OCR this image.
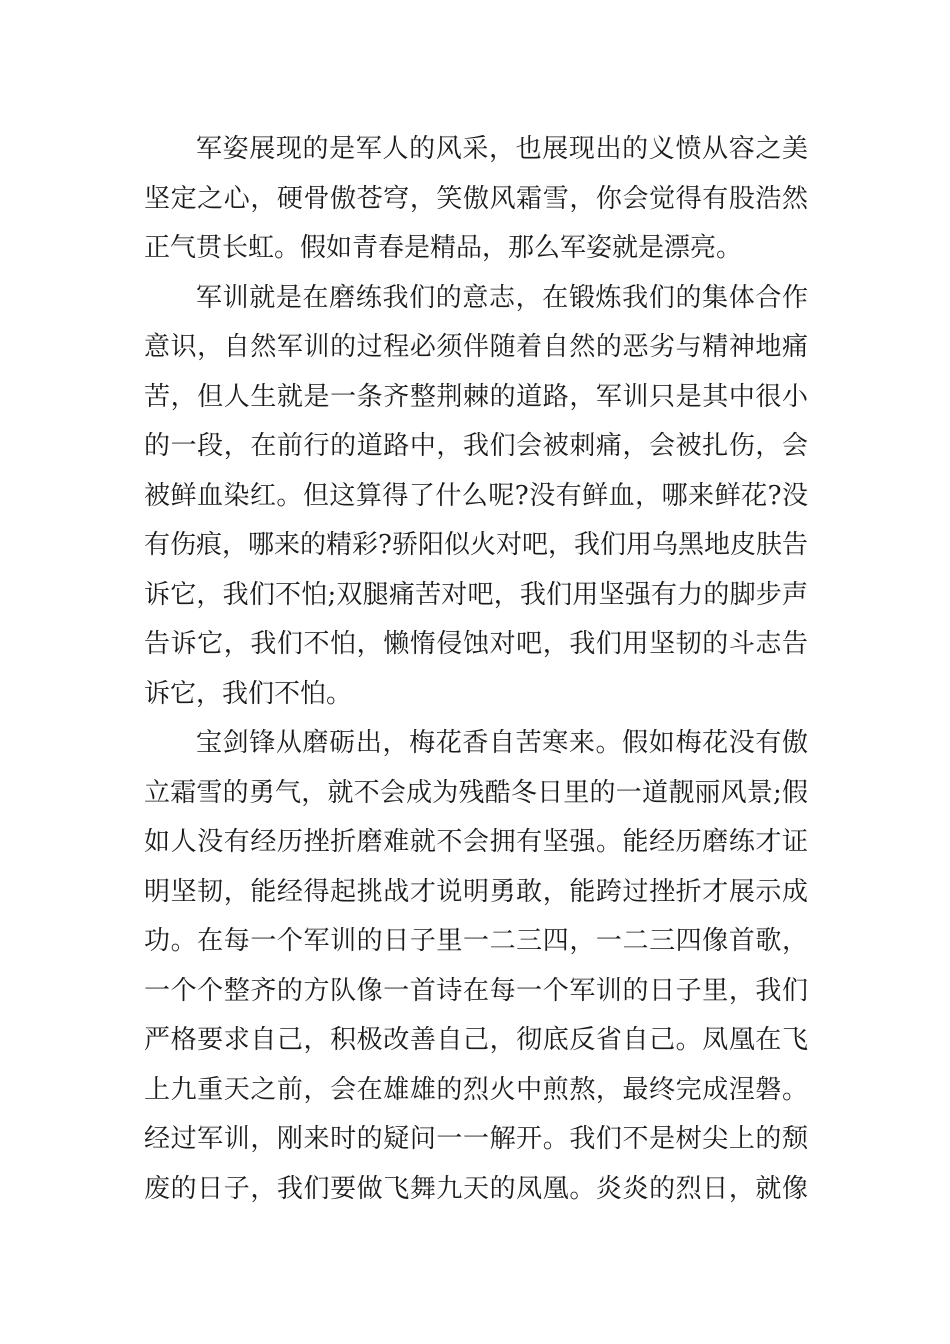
军姿展现的是军人的风采，也展现出的义愤从容之美
坚定之心，硬骨傲苍穹，笑傲风霜雪，你会觉得有股浩然
正气贯长虹。假如青春是精品，那么军姿就是漂亮。
军训就是在磨练我们的意志，在锻炼我们的集体合作
意识，自然军训的过程必须伴随着自然的恶劣与精神地痛
苦，但人生就是一条齐整荆棘的道路，军训只是其中很小
的一段，在前行的道路中，我们会被刺痛，会被扎伤，会
被鲜血染红。但这算得了什么呢?没有鲜血，哪来鲜花?没
有伤痕，哪来的精彩?骄阳似火对吧，我们用乌黑地皮肤告
诉它，我们不怕;双腿痛苦对吧，我们用坚强有力的脚步声
告诉它，我们不怕，懒惰侵蚀对吧，我们用坚韧的斗志告
诉它，我们不怕。
宝剑锋从磨砺出，梅花香自苦寒来。假如梅花没有傲
立霜雪的勇气，就不会成为残酷冬日里的一道靓丽风景;假
如人没有经历挫折磨难就不会拥有坚强。能经历磨练才证
明坚韧，能经得起挑战才说明勇敢，能跨过挫折才展示成
功。在每一个军训的日子里一二三四，一二三四像首歌，
一个个整齐的方队像一首诗在每一个军训的日子里，我们
严格要求自己，积极改善自己，彻底反省自己。凤凰在飞
上九重天之前，会在雄雄的烈火中煎熬，最终完成涅磐。
经过军训，刚来时的疑问一一解开。我们不是树尖上的颓
废的日子，我们要做飞舞九天的凤凰。炎炎的烈日，就像
